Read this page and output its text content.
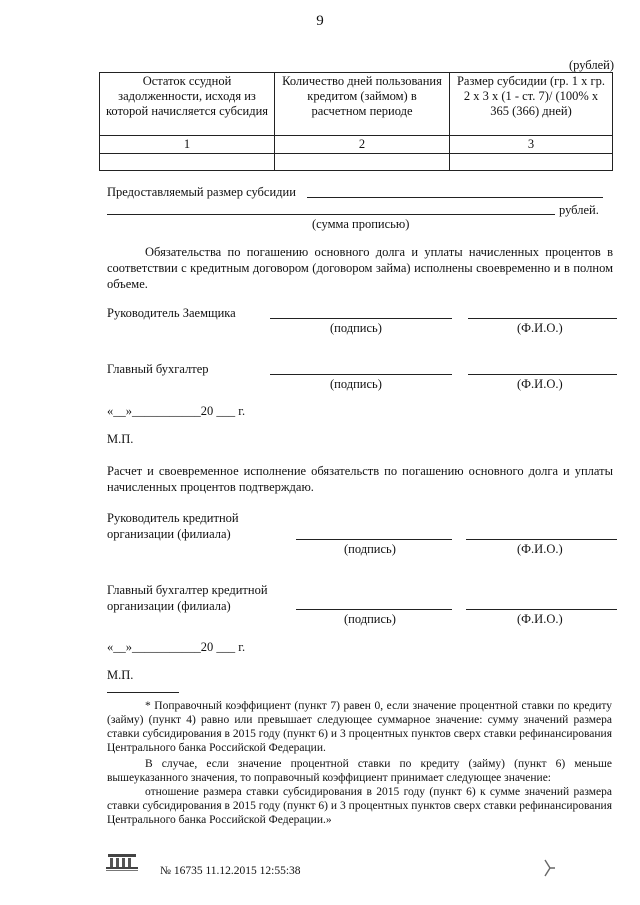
9
(рублей)
Остаток ссудной задолженности, исходя из которой начисляется субсидия	Количество дней пользования кредитом (займом) в расчетном периоде	Размер субсидии (гр. 1 х гр. 2 х 3 х (1 - ст. 7)/ (100% х 365 (366) дней)
1	2	3

Предоставляемый размер субсидии
рублей.
(сумма прописью)
Обязательства по погашению основного долга и уплаты начисленных процентов в соответствии с кредитным договором (договором займа) исполнены своевременно и в полном объеме.
Руководитель Заемщика
(подпись)	(Ф.И.О.)
Главный бухгалтер
(подпись)	(Ф.И.О.)
«__»___________20 ___ г.
М.П.
Расчет и своевременное исполнение обязательств по погашению основного долга и уплаты начисленных процентов подтверждаю.
Руководитель кредитной организации (филиала)
(подпись)	(Ф.И.О.)
Главный бухгалтер кредитной организации (филиала)
(подпись)	(Ф.И.О.)
«__»___________20 ___ г.
М.П.
* Поправочный коэффициент (пункт 7) равен 0, если значение процентной ставки по кредиту (займу) (пункт 4) равно или превышает следующее суммарное значение: сумму значений размера ставки субсидирования в 2015 году (пункт 6) и 3 процентных пунктов сверх ставки рефинансирования Центрального банка Российской Федерации.
В случае, если значение процентной ставки по кредиту (займу) (пункт 6) меньше вышеуказанного значения, то поправочный коэффициент принимает следующее значение:
отношение размера ставки субсидирования в 2015 году (пункт 6) к сумме значений размера ставки субсидирования в 2015 году (пункт 6) и 3 процентных пунктов сверх ставки рефинансирования Центрального банка Российской Федерации.»
№ 16735 11.12.2015 12:55:38
